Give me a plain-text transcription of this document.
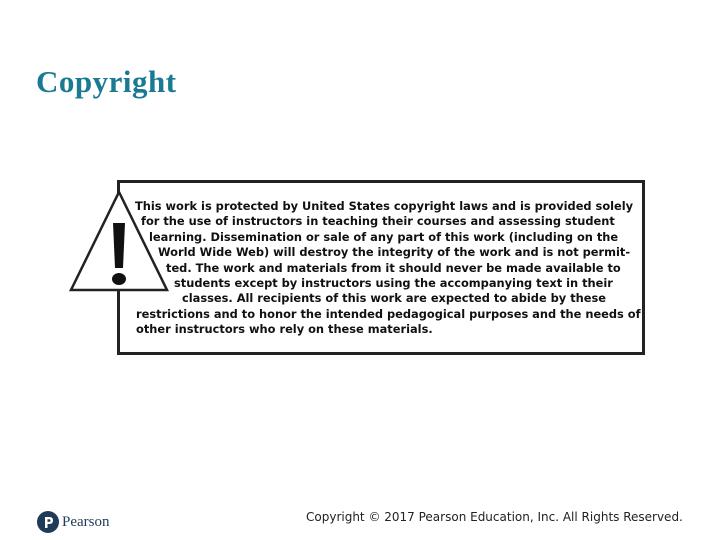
Copyright
This work is protected by United States copyright laws and is provided solely
for the use of instructors in teaching their courses and assessing student
learning. Dissemination or sale of any part of this work (including on the
World Wide Web) will destroy the integrity of the work and is not permit-
ted. The work and materials from it should never be made available to
students except by instructors using the accompanying text in their
classes. All recipients of this work are expected to abide by these
restrictions and to honor the intended pedagogical purposes and the needs of
other instructors who rely on these materials.
Pearson	Copyright © 2017 Pearson Education, Inc. All Rights Reserved.
